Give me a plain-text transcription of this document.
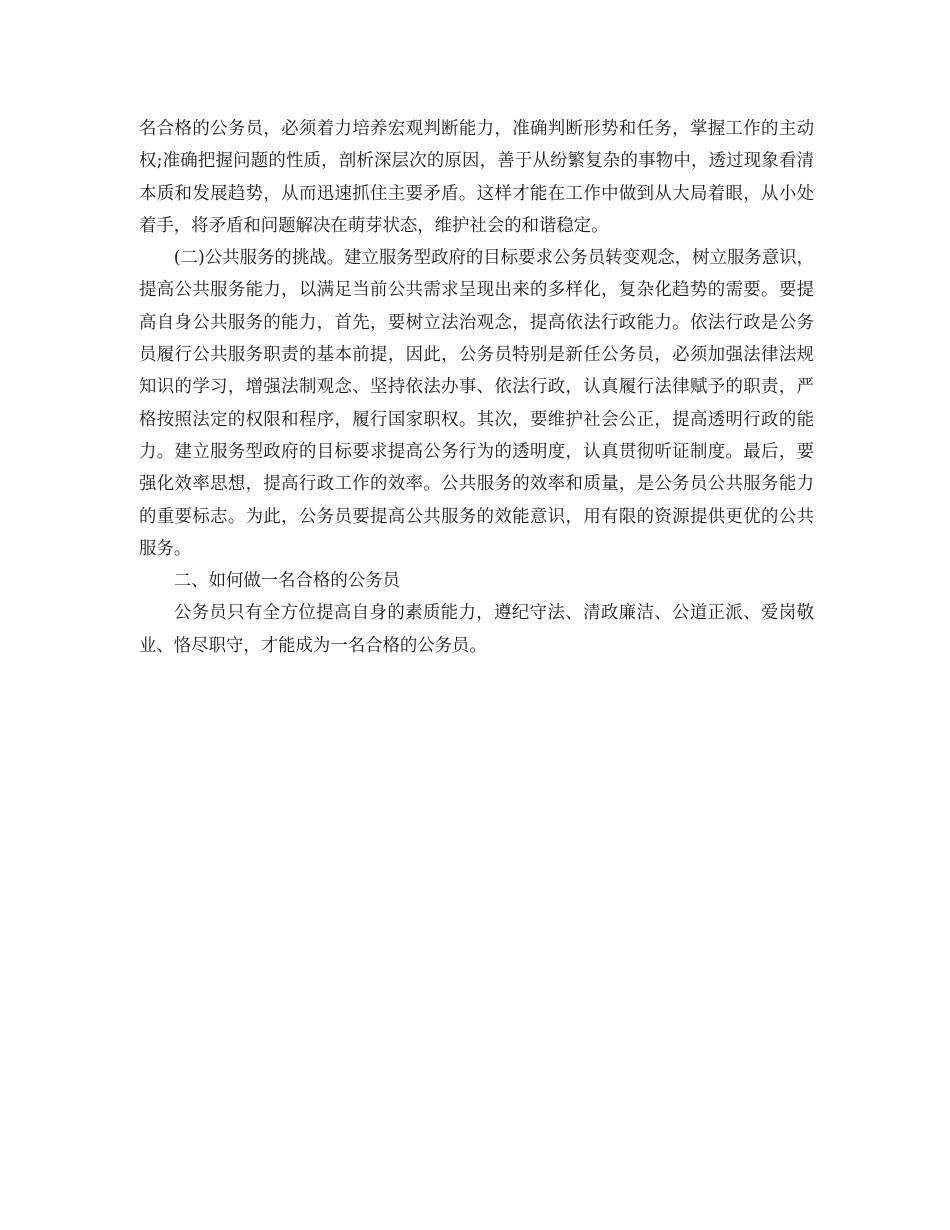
名合格的公务员，必须着力培养宏观判断能力，准确判断形势和任务，掌握工作的主动权;准确把握问题的性质，剖析深层次的原因，善于从纷繁复杂的事物中，透过现象看清本质和发展趋势，从而迅速抓住主要矛盾。这样才能在工作中做到从大局着眼，从小处着手，将矛盾和问题解决在萌芽状态，维护社会的和谐稳定。

(二)公共服务的挑战。建立服务型政府的目标要求公务员转变观念，树立服务意识，提高公共服务能力，以满足当前公共需求呈现出来的多样化，复杂化趋势的需要。要提高自身公共服务的能力，首先，要树立法治观念，提高依法行政能力。依法行政是公务员履行公共服务职责的基本前提，因此，公务员特别是新任公务员，必须加强法律法规知识的学习，增强法制观念、坚持依法办事、依法行政，认真履行法律赋予的职责，严格按照法定的权限和程序，履行国家职权。其次，要维护社会公正，提高透明行政的能力。建立服务型政府的目标要求提高公务行为的透明度，认真贯彻听证制度。最后，要强化效率思想，提高行政工作的效率。公共服务的效率和质量，是公务员公共服务能力的重要标志。为此，公务员要提高公共服务的效能意识，用有限的资源提供更优的公共服务。

二、如何做一名合格的公务员

公务员只有全方位提高自身的素质能力，遵纪守法、清政廉洁、公道正派、爱岗敬业、恪尽职守，才能成为一名合格的公务员。
